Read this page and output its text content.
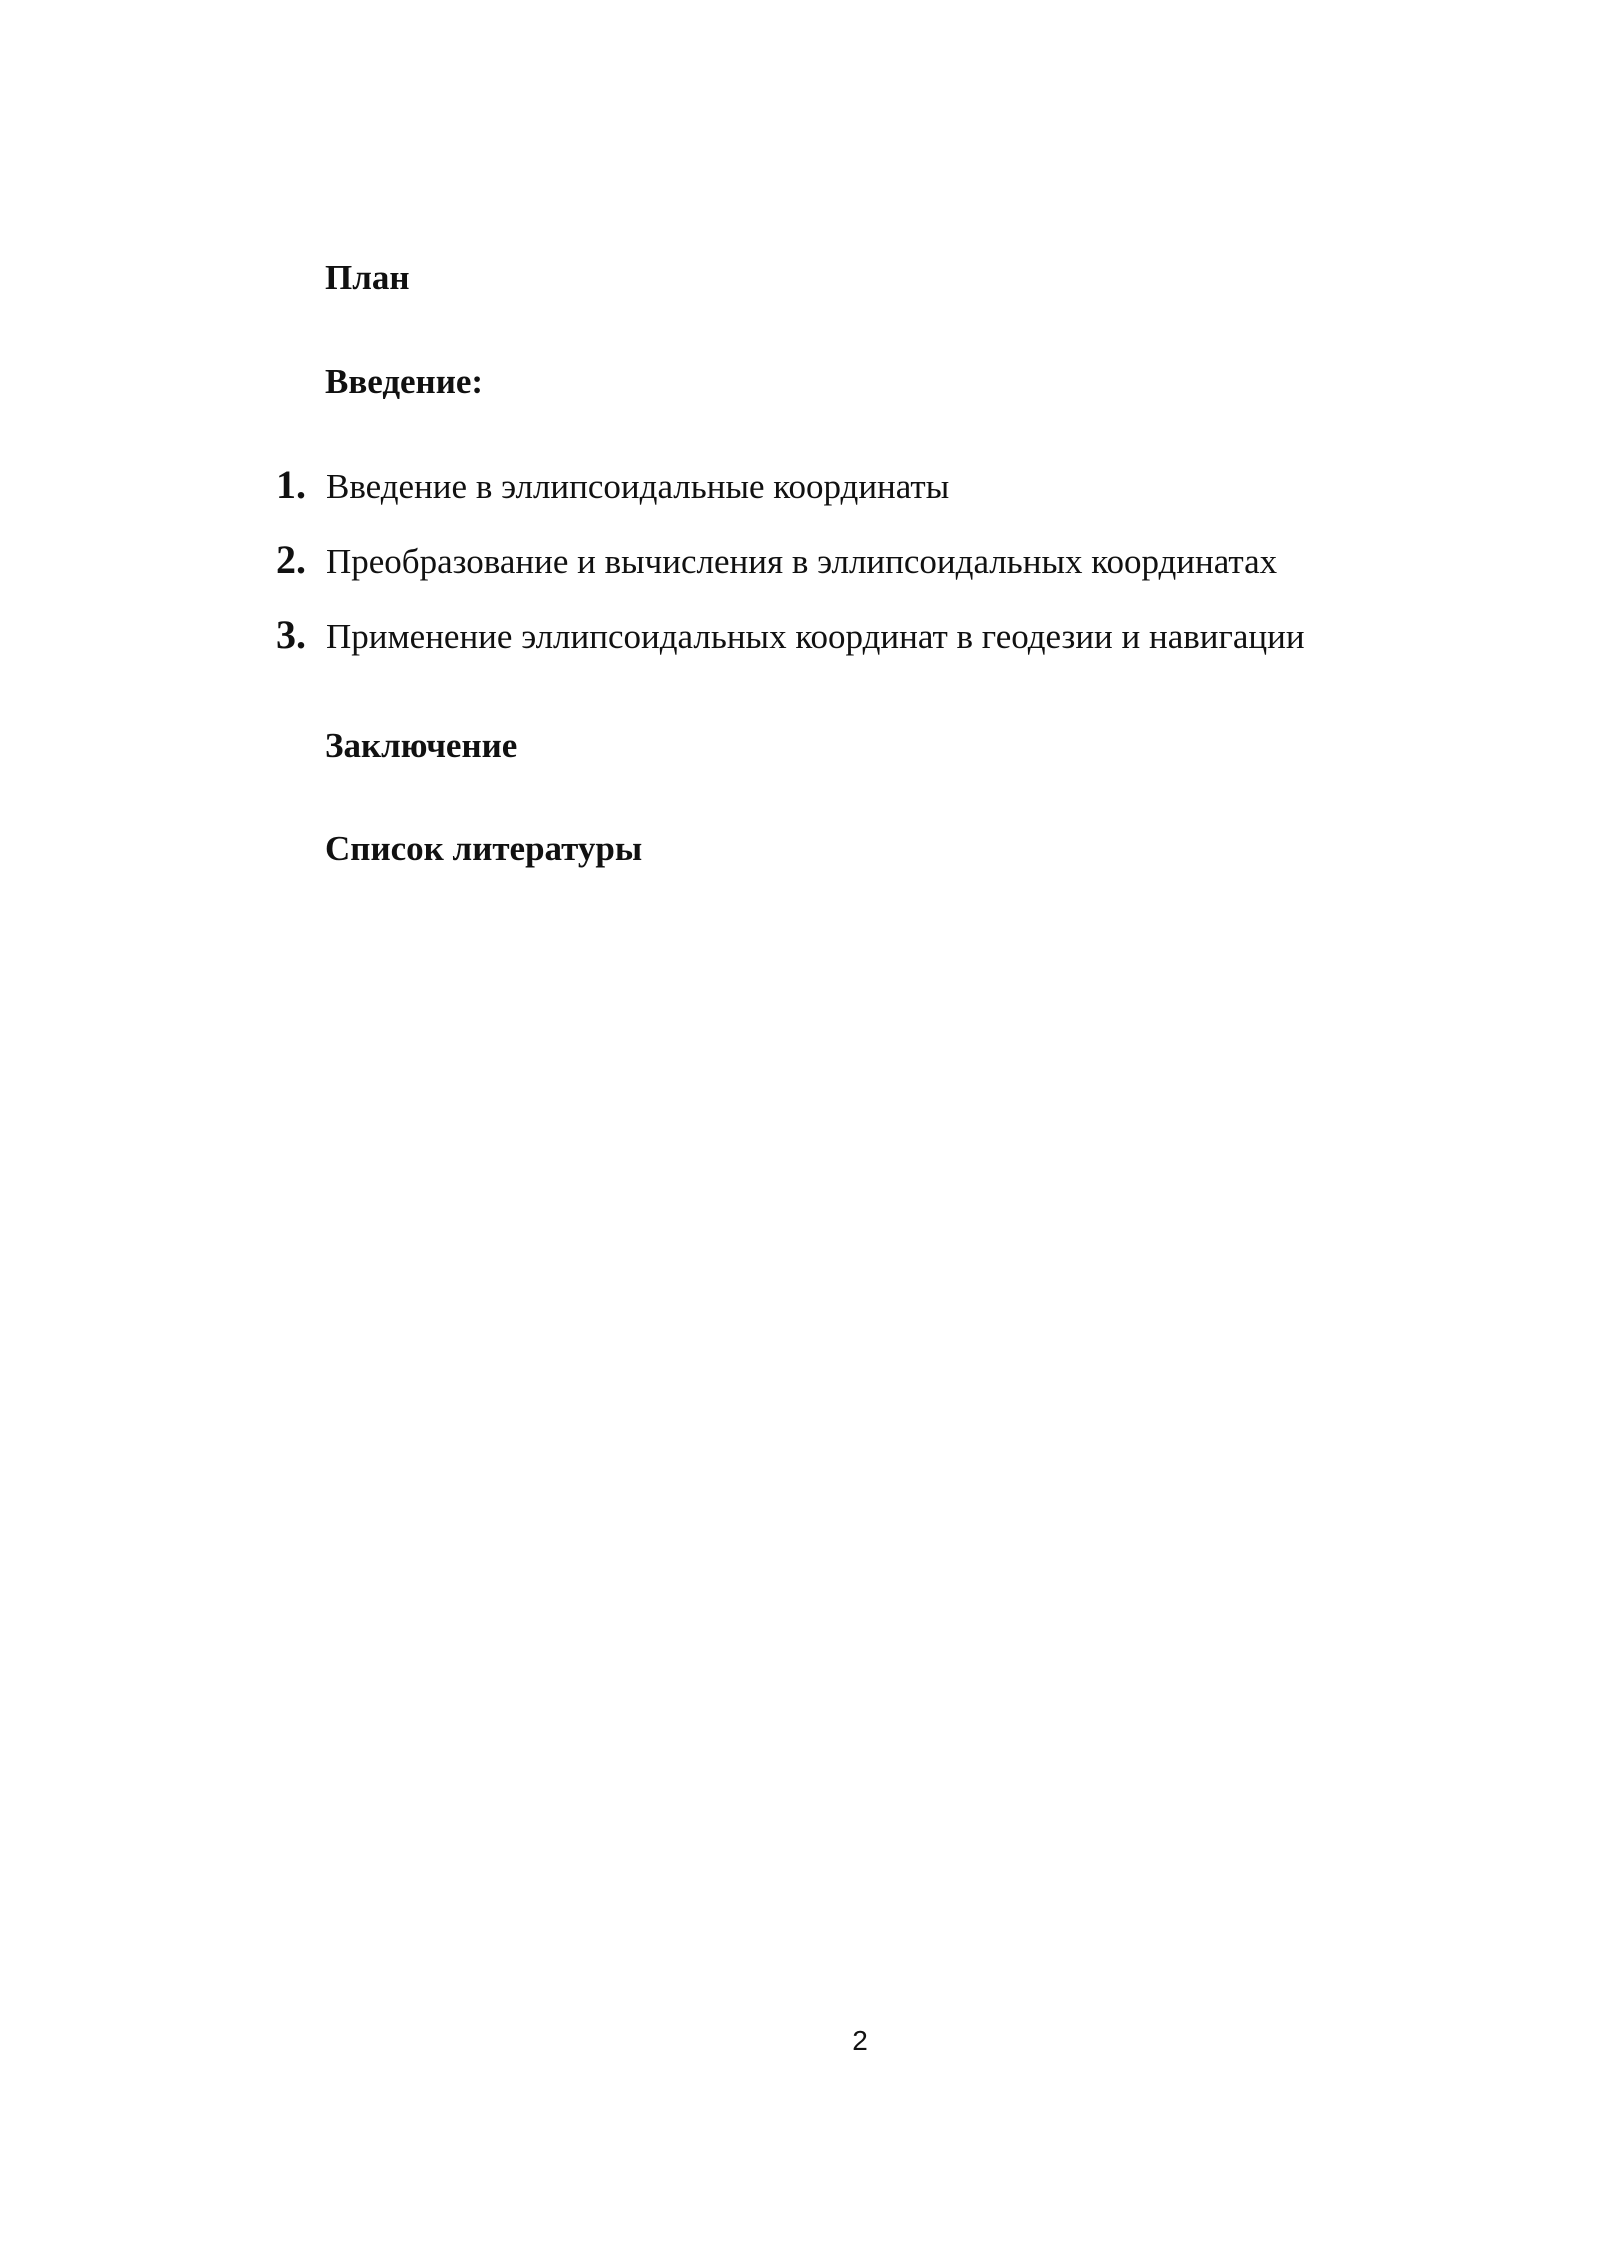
План
Введение:
1. Введение в эллипсоидальные координаты
2. Преобразование и вычисления в эллипсоидальных координатах
3. Применение эллипсоидальных координат в геодезии и навигации
Заключение
Список литературы
2
